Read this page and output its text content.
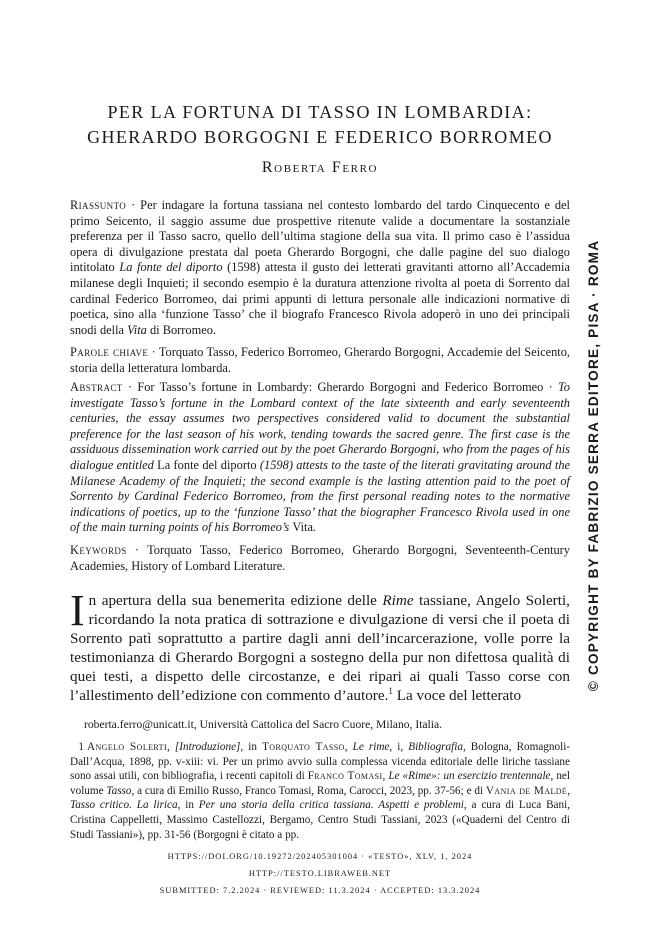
PER LA FORTUNA DI TASSO IN LOMBARDIA:
GHERARDO BORGOGNI E FEDERICO BORROMEO
Roberta Ferro
Riassunto · Per indagare la fortuna tassiana nel contesto lombardo del tardo Cinquecento e del primo Seicento, il saggio assume due prospettive ritenute valide a documentare la sostanziale preferenza per il Tasso sacro, quello dell’ultima stagione della sua vita. Il primo caso è l’assidua opera di divulgazione prestata dal poeta Gherardo Borgogni, che dalle pagine del suo dialogo intitolato La fonte del diporto (1598) attesta il gusto dei letterati gravitanti attorno all’Accademia milanese degli Inquieti; il secondo esempio è la duratura attenzione rivolta al poeta di Sorrento dal cardinal Federico Borromeo, dai primi appunti di lettura personale alle indicazioni normative di poetica, sino alla ‘funzione Tasso’ che il biografo Francesco Rivola adoperò in uno dei principali snodi della Vita di Borromeo.
Parole chiave · Torquato Tasso, Federico Borromeo, Gherardo Borgogni, Accademie del Seicento, storia della letteratura lombarda.
Abstract · For Tasso’s fortune in Lombardy: Gherardo Borgogni and Federico Borromeo · To investigate Tasso’s fortune in the Lombard context of the late sixteenth and early seventeenth centuries, the essay assumes two perspectives considered valid to document the substantial preference for the last season of his work, tending towards the sacred genre. The first case is the assiduous dissemination work carried out by the poet Gherardo Borgogni, who from the pages of his dialogue entitled La fonte del diporto (1598) attests to the taste of the literati gravitating around the Milanese Academy of the Inquieti; the second example is the lasting attention paid to the poet of Sorrento by Cardinal Federico Borromeo, from the first personal reading notes to the normative indications of poetics, up to the ‘funzione Tasso’ that the biographer Francesco Rivola used in one of the main turning points of his Borromeo’s Vita.
Keywords · Torquato Tasso, Federico Borromeo, Gherardo Borgogni, Seventeenth-Century Academies, History of Lombard Literature.
In apertura della sua benemerita edizione delle Rime tassiane, Angelo Solerti, ricordando la nota pratica di sottrazione e divulgazione di versi che il poeta di Sorrento patì soprattutto a partire dagli anni dell’incarcerazione, volle porre la testimonianza di Gherardo Borgogni a sostegno della pur non difettosa qualità di quei testi, a dispetto delle circostanze, e dei ripari ai quali Tasso corse con l’allestimento dell’edizione con commento d’autore.$^1$ La voce del letterato
roberta.ferro@unicatt.it, Università Cattolica del Sacro Cuore, Milano, Italia.
1 Angelo Solerti, [Introduzione], in Torquato Tasso, Le rime, i, Bibliografia, Bologna, Romagnoli-Dall’Acqua, 1898, pp. v-xiii: vi. Per un primo avvio sulla complessa vicenda editoriale delle liriche tassiane sono assai utili, con bibliografia, i recenti capitoli di Franco Tomasi, Le «Rime»: un esercizio trentennale, nel volume Tasso, a cura di Emilio Russo, Franco Tomasi, Roma, Carocci, 2023, pp. 37-56; e di Vania de Maldé, Tasso critico. La lirica, in Per una storia della critica tassiana. Aspetti e problemi, a cura di Luca Bani, Cristina Cappelletti, Massimo Castellozzi, Bergamo, Centro Studi Tassiani, 2023 («Quaderni del Centro di Studi Tassiani»), pp. 31-56 (Borgogni è citato a pp.
HTTPS://DOI.ORG/10.19272/202405301004 · «TESTO», XLV, 1, 2024
HTTP://TESTO.LIBRAWEB.NET
SUBMITTED: 7.2.2024 · REVIEWED: 11.3.2024 · ACCEPTED: 13.3.2024
© COPYRIGHT BY FABRIZIO SERRA EDITORE, PISA · ROMA
